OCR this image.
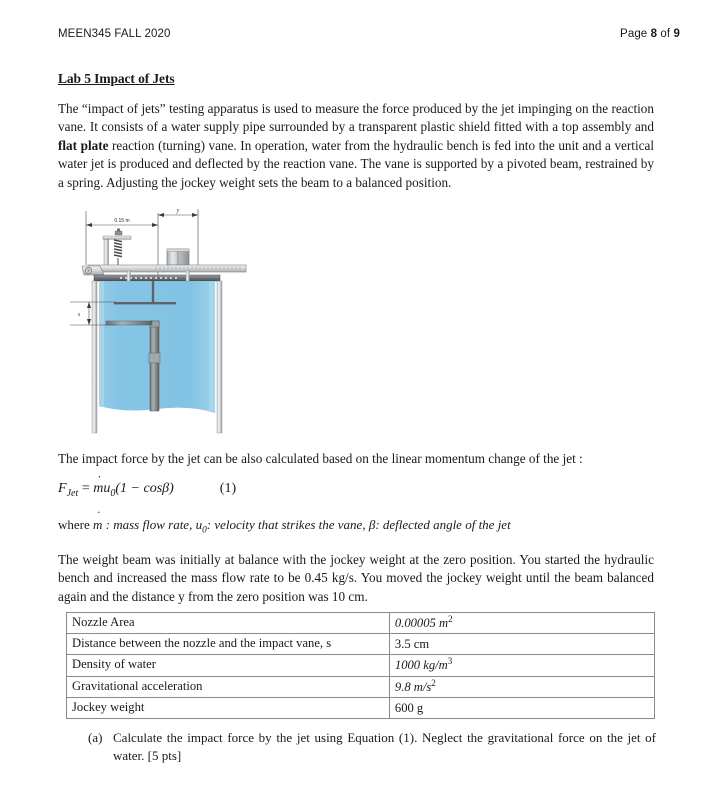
MEEN345 FALL 2020	Page 8 of 9
Lab 5 Impact of Jets
The “impact of jets” testing apparatus is used to measure the force produced by the jet impinging on the reaction vane. It consists of a water supply pipe surrounded by a transparent plastic shield fitted with a top assembly and flat plate reaction (turning) vane. In operation, water from the hydraulic bench is fed into the unit and a vertical water jet is produced and deflected by the reaction vane. The vane is supported by a pivoted beam, restrained by a spring. Adjusting the jockey weight sets the beam to a balanced position.
0.15 m
y
s
The impact force by the jet can be also calculated based on the linear momentum change of the jet :
$F_{Jet} = m$ $˙u_0(1 - \cos\beta)$	(1)
where m ˙ : mass flow rate, $u_0$: velocity that strikes the vane, β: deflected angle of the jet
The weight beam was initially at balance with the jockey weight at the zero position. You started the hydraulic bench and increased the mass flow rate to be 0.45 kg/s. You moved the jockey weight until the beam balanced again and the distance y from the zero position was 10 cm.
Nozzle Area	0.00005 $m^2$
Distance between the nozzle and the impact vane, s	3.5 cm
Density of water	1000 $kg/m^3$
Gravitational acceleration	9.8 $m/s^2$
Jockey weight	600 g
(a) Calculate the impact force by the jet using Equation (1). Neglect the gravitational force on the jet of water. [5 pts]
